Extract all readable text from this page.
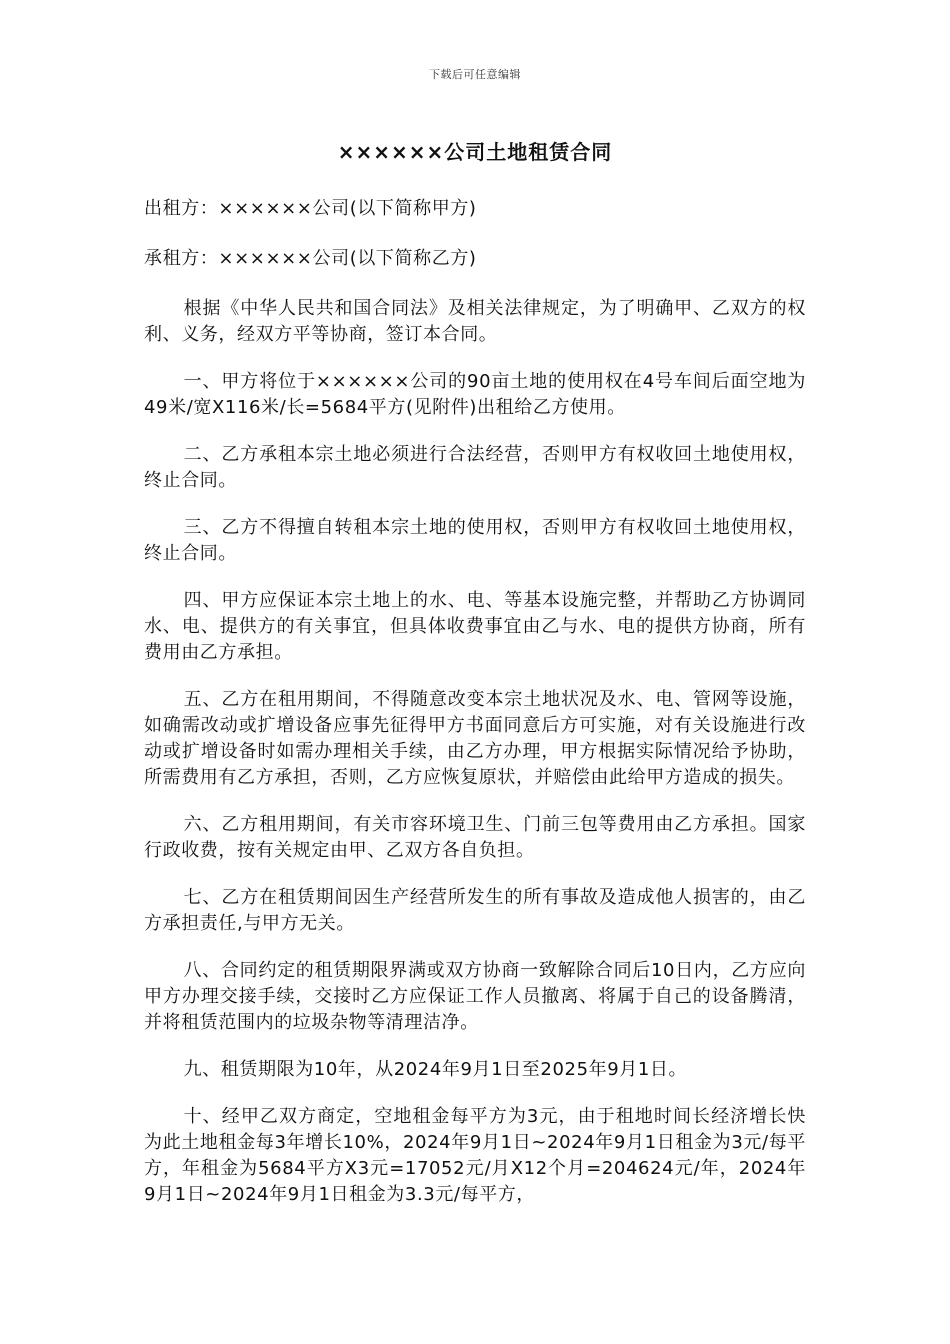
下载后可任意编辑
××××××公司土地租赁合同

出租方：××××××公司(以下简称甲方)

承租方：××××××公司(以下简称乙方)

根据《中华人民共和国合同法》及相关法律规定，为了明确甲、乙双方的权利、义务，经双方平等协商，签订本合同。

一、甲方将位于××××××公司的90亩土地的使用权在4号车间后面空地为49米/宽X116米/长=5684平方(见附件)出租给乙方使用。

二、乙方承租本宗土地必须进行合法经营，否则甲方有权收回土地使用权，终止合同。

三、乙方不得擅自转租本宗土地的使用权，否则甲方有权收回土地使用权，终止合同。

四、甲方应保证本宗土地上的水、电、等基本设施完整，并帮助乙方协调同水、电、提供方的有关事宜，但具体收费事宜由乙与水、电的提供方协商，所有费用由乙方承担。

五、乙方在租用期间，不得随意改变本宗土地状况及水、电、管网等设施，如确需改动或扩增设备应事先征得甲方书面同意后方可实施，对有关设施进行改动或扩增设备时如需办理相关手续，由乙方办理，甲方根据实际情况给予协助，所需费用有乙方承担，否则，乙方应恢复原状，并赔偿由此给甲方造成的损失。

六、乙方租用期间，有关市容环境卫生、门前三包等费用由乙方承担。国家行政收费，按有关规定由甲、乙双方各自负担。

七、乙方在租赁期间因生产经营所发生的所有事故及造成他人损害的，由乙方承担责任,与甲方无关。

八、合同约定的租赁期限界满或双方协商一致解除合同后10日内，乙方应向甲方办理交接手续，交接时乙方应保证工作人员撤离、将属于自己的设备腾清，并将租赁范围内的垃圾杂物等清理洁净。

九、租赁期限为10年，从2024年9月1日至2025年9月1日。

十、经甲乙双方商定，空地租金每平方为3元，由于租地时间长经济增长快为此土地租金每3年增长10%，2024年9月1日~2024年9月1日租金为3元/每平方，年租金为5684平方X3元=17052元/月X12个月=204624元/年，2024年9月1日~2024年9月1日租金为3.3元/每平方，
